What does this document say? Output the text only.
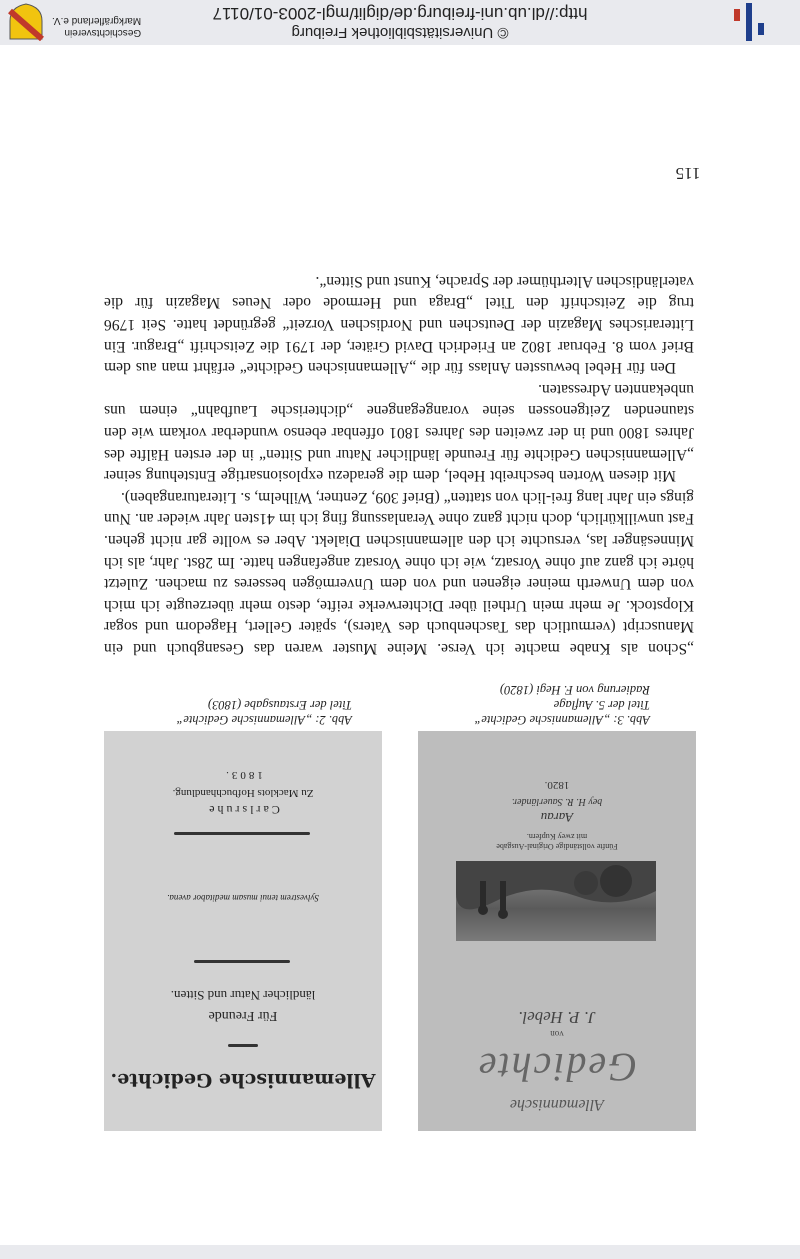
Allemannische Gedichte.
Für Freunde
ländlicher Natur und Sitten.
Sylvestrem tenui musam meditabor avena.
Carlsruhe
Zu Macklots Hofbuchhandlung.
1803.
Allemannische
Gedichte
von
J. P. Hebel.
Fünfte vollständige Original-Ausgabe
mit zwey Kupfern.
Aarau
bey H. R. Sauerländer.
1820.
Abb. 2: „Allemannische Gedichte“
Titel der Erstausgabe (1803)
Abb. 3: „Allemannische Gedichte“
Titel der 5. Auflage
Radierung von F. Hegi (1820)

„Schon als Knabe machte ich Verse. Meine Muster waren das Gesangbuch und ein Manuscript (vermutlich das Taschenbuch des Vaters), später Gellert, Hagedorn und sogar Klopstock. Je mehr mein Urtheil über Dichterwerke reifte, desto mehr überzeugte ich mich von dem Unwerth meiner eigenen und von dem Unvermögen besseres zu machen. Zuletzt hörte ich ganz auf ohne Vorsatz, wie ich ohne Vorsatz angefangen hatte. Im 28st. Jahr, als ich Minnesänger las, versuchte ich den allemannischen Dialekt. Aber es wollte gar nicht gehen. Fast unwillkürlich, doch nicht ganz ohne Veranlassung fing ich im 41sten Jahr wieder an. Nun gings ein Jahr lang frei-lich von statten“ (Brief 309, Zentner, Wilhelm, s. Literaturangaben).

Mit diesen Worten beschreibt Hebel, dem die geradezu explosionsartige Entstehung seiner „Allemannischen Gedichte für Freunde ländlicher Natur und Sitten“ in der ersten Hälfte des Jahres 1800 und in der zweiten des Jahres 1801 offenbar ebenso wunderbar vorkam wie den staunenden Zeitgenossen seine vorangegangene „dichterische Laufbahn“ einem uns unbekannten Adressaten.

Den für Hebel bewussten Anlass für die „Allemannischen Gedichte“ erfährt man aus dem Brief vom 8. Februar 1802 an Friedrich David Gräter, der 1791 die Zeitschrift „Bragur. Ein Litterarisches Magazin der Deutschen und Nordischen Vorzeit“ gegründet hatte. Seit 1796 trug die Zeitschrift den Titel „Braga und Hermode oder Neues Magazin für die vaterländischen Alterthümer der Sprache, Kunst und Sitten“.

115
© Universitätsbibliothek Freiburg
http://dl.ub.uni-freiburg.de/diglit/mgl-2003-01/0117
Geschichtsverein
Markgräflerland e.V.
